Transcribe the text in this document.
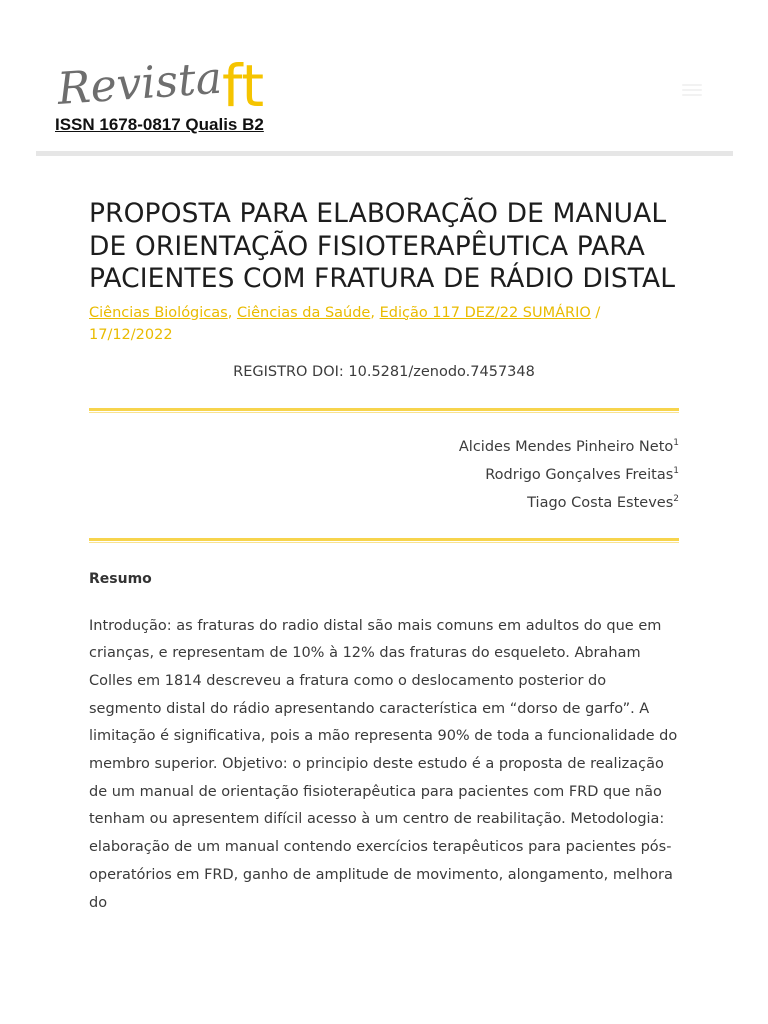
Revista
ft
ISSN 1678-0817 Qualis B2
PROPOSTA PARA ELABORAÇÃO DE MANUAL DE ORIENTAÇÃO FISIOTERAPÊUTICA PARA PACIENTES COM FRATURA DE RÁDIO DISTAL
Ciências Biológicas, Ciências da Saúde, Edição 117 DEZ/22 SUMÁRIO /
17/12/2022
REGISTRO DOI: 10.5281/zenodo.7457348
Alcides Mendes Pinheiro Neto$^1$
Rodrigo Gonçalves Freitas$^1$
Tiago Costa Esteves$^2$
Resumo

Introdução: as fraturas do radio distal são mais comuns em adultos do que em crianças, e representam de 10% à 12% das fraturas do esqueleto. Abraham Colles em 1814 descreveu a fratura como o deslocamento posterior do segmento distal do rádio apresentando característica em “dorso de garfo”. A limitação é significativa, pois a mão representa 90% de toda a funcionalidade do membro superior. Objetivo: o principio deste estudo é a proposta de realização de um manual de orientação fisioterapêutica para pacientes com FRD que não tenham ou apresentem difícil acesso à um centro de reabilitação. Metodologia: elaboração de um manual contendo exercícios terapêuticos para pacientes pós-operatórios em FRD, ganho de amplitude de movimento, alongamento, melhora do
